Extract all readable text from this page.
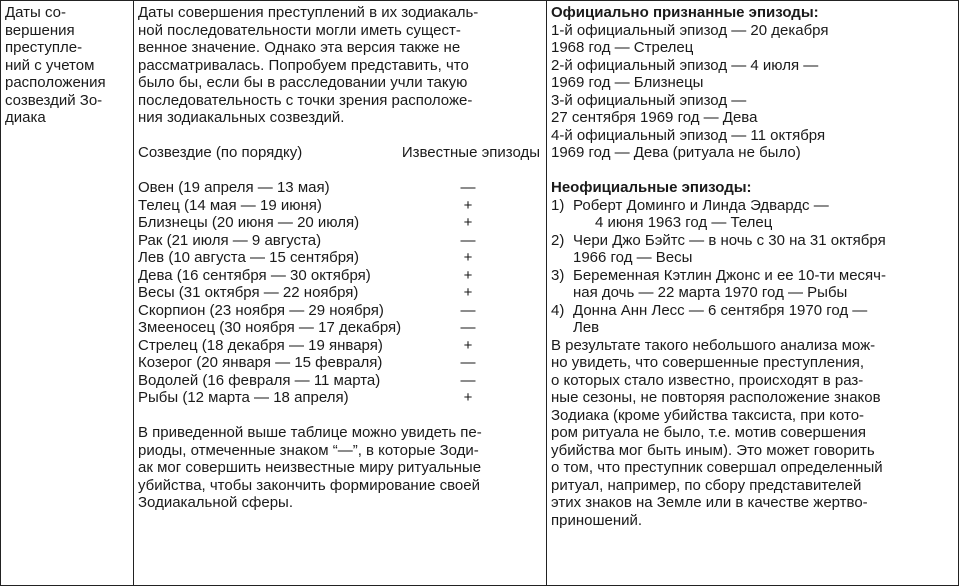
Даты со-
вершения
преступле-
ний с учетом
расположения
созвездий Зо-
диака

Даты совершения преступлений в их зодиакаль-
ной последовательности могли иметь сущест-
венное значение. Однако эта версия также не
рассматривалась. Попробуем представить, что
было бы, если бы в расследовании учли такую
последовательность с точки зрения расположе-
ния зодиакальных созвездий.
Созвездие (по порядку)	Известные эпизоды
Овен (19 апреля — 13 мая)	—
Телец (14 мая — 19 июня)	+
Близнецы (20 июня — 20 июля)	+
Рак (21 июля — 9 августа)	—
Лев (10 августа — 15 сентября)	+
Дева (16 сентября — 30 октября)	+
Весы (31 октября — 22 ноября)	+
Скорпион (23 ноября — 29 ноября)	—
Змееносец (30 ноября — 17 декабря)	—
Стрелец (18 декабря — 19 января)	+
Козерог (20 января — 15 февраля)	—
Водолей (16 февраля — 11 марта)	—
Рыбы (12 марта — 18 апреля)	+
В приведенной выше таблице можно увидеть пе-
риоды, отмеченные знаком “—”, в которые Зоди-
ак мог совершить неизвестные миру ритуальные
убийства, чтобы закончить формирование своей
Зодиакальной сферы.

Официально признанные эпизоды:
1-й официальный эпизод — 20 декабря
1968 год — Стрелец
2-й официальный эпизод — 4 июля —
1969 год — Близнецы
3-й официальный эпизод —
27 сентября 1969 год — Дева
4-й официальный эпизод — 11 октября
1969 год — Дева (ритуала не было)
Неофициальные эпизоды:
1) Роберт Доминго и Линда Эдвардс —
4 июня 1963 год — Телец
2) Чери Джо Бэйтс — в ночь с 30 на 31 октября
1966 год — Весы
3) Беременная Кэтлин Джонс и ее 10-ти месяч-
ная дочь — 22 марта 1970 год — Рыбы
4) Донна Анн Лесс — 6 сентября 1970 год —
Лев
В результате такого небольшого анализа мож-
но увидеть, что совершенные преступления,
о которых стало известно, происходят в раз-
ные сезоны, не повторяя расположение знаков
Зодиака (кроме убийства таксиста, при кото-
ром ритуала не было, т.е. мотив совершения
убийства мог быть иным). Это может говорить
о том, что преступник совершал определенный
ритуал, например, по сбору представителей
этих знаков на Земле или в качестве жертво-
приношений.
